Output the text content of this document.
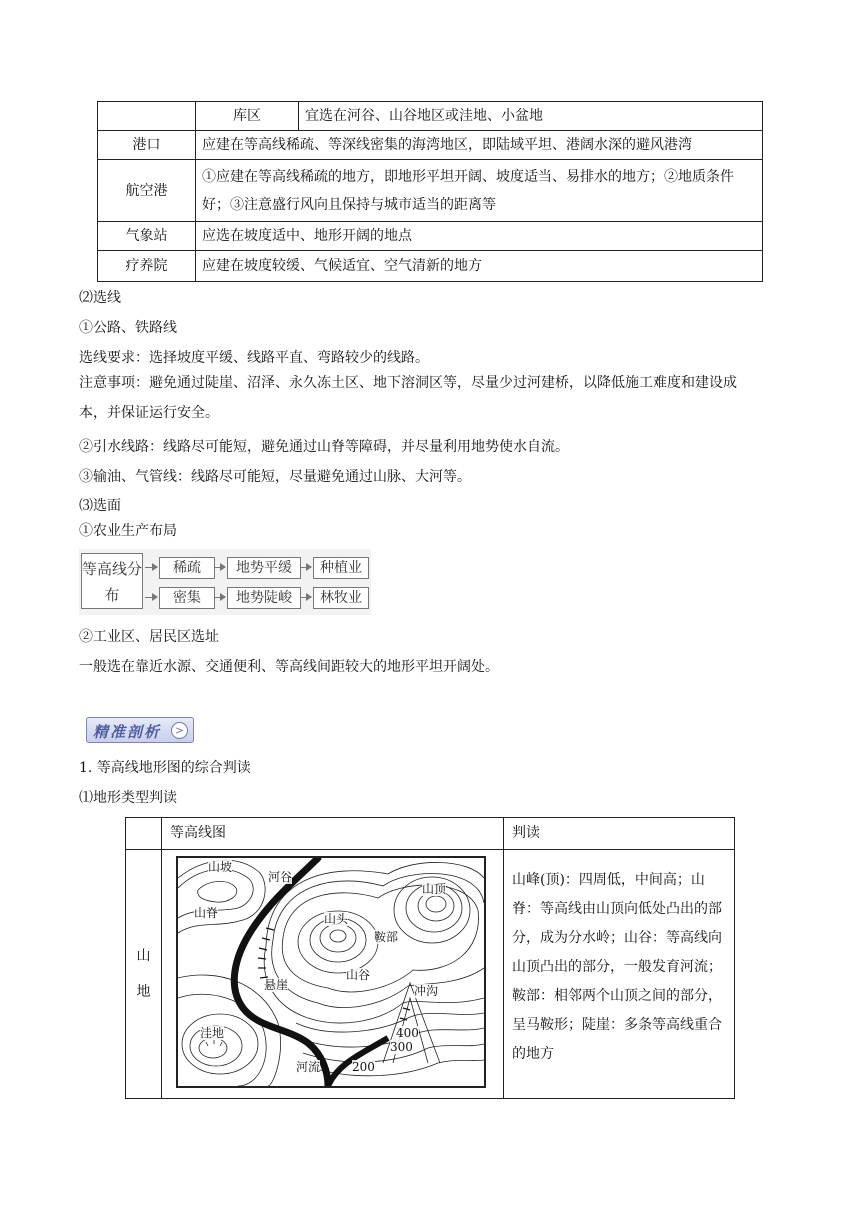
	库区	宜选在河谷、山谷地区或洼地、小盆地
港口	应建在等高线稀疏、等深线密集的海湾地区，即陆域平坦、港阔水深的避风港湾	
航空港	①应建在等高线稀疏的地方，即地形平坦开阔、坡度适当、易排水的地方；②地质条件好；③注意盛行风向且保持与城市适当的距离等	
气象站	应选在坡度适中、地形开阔的地点	
疗养院	应建在坡度较缓、气候适宜、空气清新的地方	
⑵选线
①公路、铁路线
选线要求：选择坡度平缓、线路平直、弯路较少的线路。
注意事项：避免通过陡崖、沼泽、永久冻土区、地下溶洞区等，尽量少过河建桥，以降低施工难度和建设成本，并保证运行安全。
②引水线路：线路尽可能短，避免通过山脊等障碍，并尽量利用地势使水自流。
③输油、气管线：线路尽可能短，尽量避免通过山脉、大河等。
⑶选面
①农业生产布局
等高线分布
稀疏	地势平缓	种植业
密集	地势陡峻	林牧业
②工业区、居民区选址
一般选在靠近水源、交通便利、等高线间距较大的地形平坦开阔处。
精准剖析	>
1. 等高线地形图的综合判读
⑴地形类型判读
	等高线图	判读
山地		山峰(顶)：四周低，中间高；山脊：等高线由山顶向低处凸出的部分，成为分水岭；山谷：等高线向山顶凸出的部分，一般发育河流；鞍部：相邻两个山顶之间的部分，呈马鞍形；陡崖：多条等高线重合的地方
山坡
河谷
山脊
山顶
山头
鞍部
悬崖
山谷
冲沟
洼地
河流
400
300
200
